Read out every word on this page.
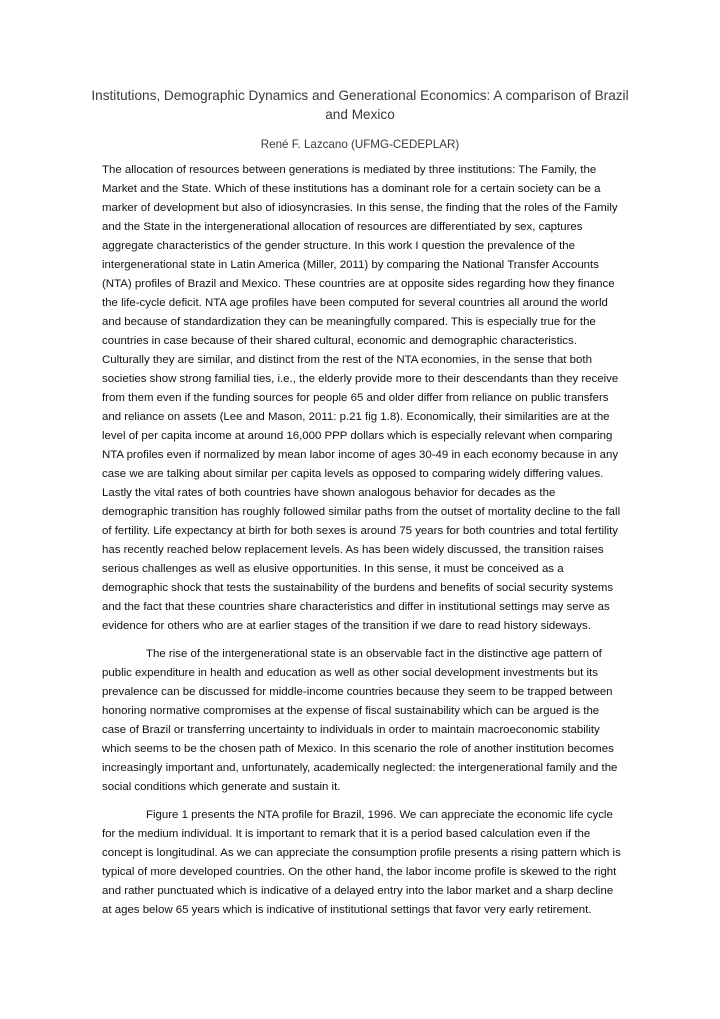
Institutions, Demographic Dynamics and Generational Economics: A comparison of Brazil and Mexico

René F. Lazcano (UFMG-CEDEPLAR)

The allocation of resources between generations is mediated by three institutions: The Family, the Market and the State. Which of these institutions has a dominant role for a certain society can be a marker of development but also of idiosyncrasies. In this sense, the finding that the roles of the Family and the State in the intergenerational allocation of resources are differentiated by sex, captures aggregate characteristics of the gender structure. In this work I question the prevalence of the intergenerational state in Latin America (Miller, 2011) by comparing the National Transfer Accounts (NTA) profiles of Brazil and Mexico. These countries are at opposite sides regarding how they finance the life-cycle deficit. NTA age profiles have been computed for several countries all around the world and because of standardization they can be meaningfully compared. This is especially true for the countries in case because of their shared cultural, economic and demographic characteristics. Culturally they are similar, and distinct from the rest of the NTA economies, in the sense that both societies show strong familial ties, i.e., the elderly provide more to their descendants than they receive from them even if the funding sources for people 65 and older differ from reliance on public transfers and reliance on assets (Lee and Mason, 2011: p.21 fig 1.8). Economically, their similarities are at the level of per capita income at around 16,000 PPP dollars which is especially relevant when comparing NTA profiles even if normalized by mean labor income of ages 30-49 in each economy because in any case we are talking about similar per capita levels as opposed to comparing widely differing values. Lastly the vital rates of both countries have shown analogous behavior for decades as the demographic transition has roughly followed similar paths from the outset of mortality decline to the fall of fertility. Life expectancy at birth for both sexes is around 75 years for both countries and total fertility has recently reached below replacement levels. As has been widely discussed, the transition raises serious challenges as well as elusive opportunities. In this sense, it must be conceived as a demographic shock that tests the sustainability of the burdens and benefits of social security systems and the fact that these countries share characteristics and differ in institutional settings may serve as evidence for others who are at earlier stages of the transition if we dare to read history sideways.

The rise of the intergenerational state is an observable fact in the distinctive age pattern of public expenditure in health and education as well as other social development investments but its prevalence can be discussed for middle-income countries because they seem to be trapped between honoring normative compromises at the expense of fiscal sustainability which can be argued is the case of Brazil or transferring uncertainty to individuals in order to maintain macroeconomic stability which seems to be the chosen path of Mexico. In this scenario the role of another institution becomes increasingly important and, unfortunately, academically neglected: the intergenerational family and the social conditions which generate and sustain it.

Figure 1 presents the NTA profile for Brazil, 1996. We can appreciate the economic life cycle for the medium individual. It is important to remark that it is a period based calculation even if the concept is longitudinal. As we can appreciate the consumption profile presents a rising pattern which is typical of more developed countries. On the other hand, the labor income profile is skewed to the right and rather punctuated which is indicative of a delayed entry into the labor market and a sharp decline at ages below 65 years which is indicative of institutional settings that favor very early retirement.
